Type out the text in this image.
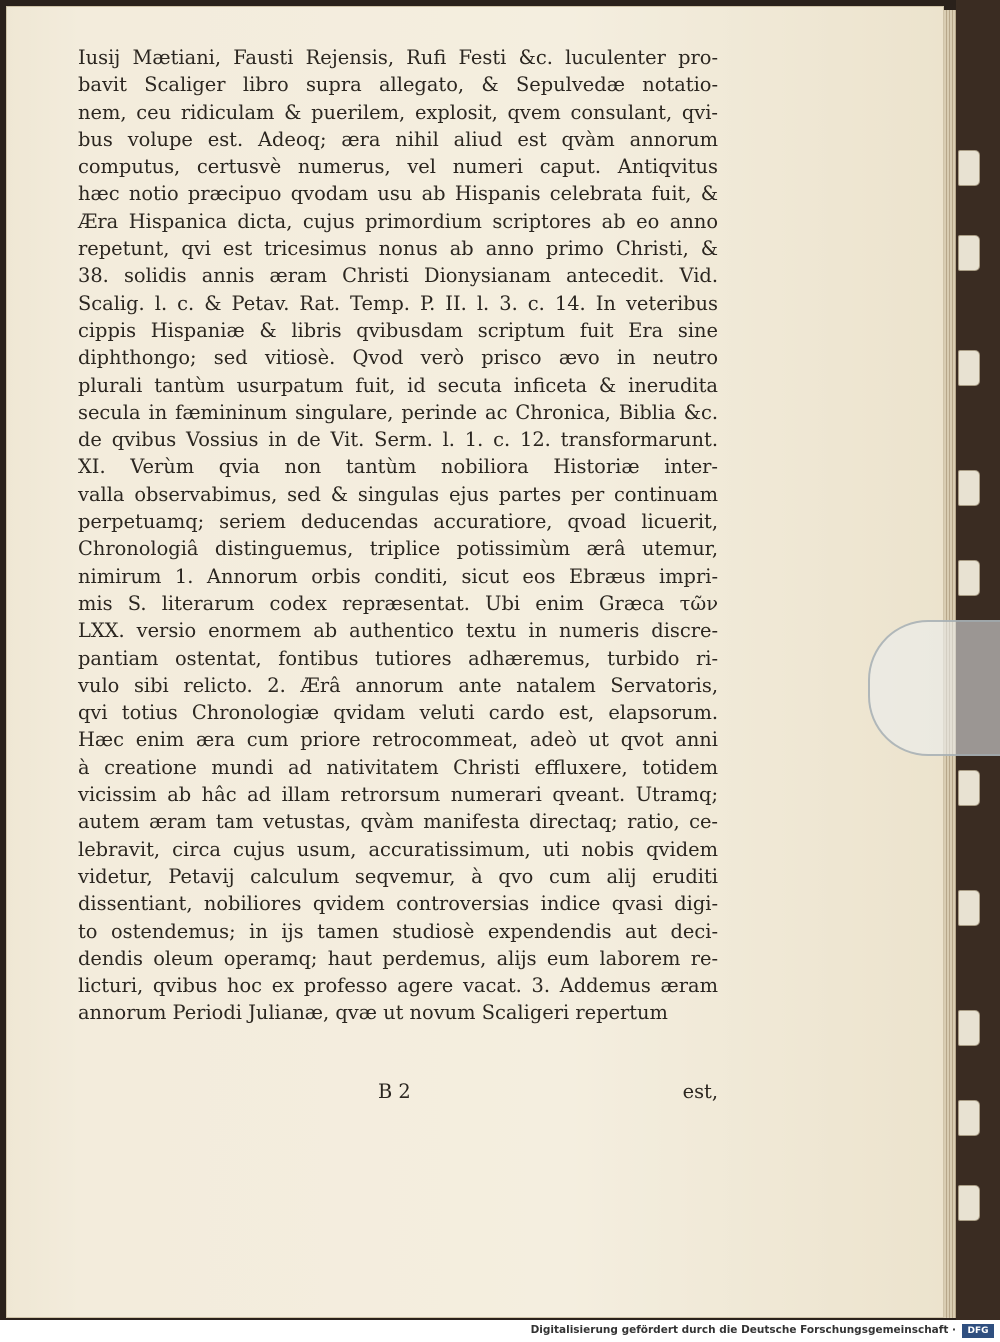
Iusij Mætiani, Fausti Rejensis, Rufi Festi &c. luculenter pro-
bavit Scaliger libro supra allegato, & Sepulvedæ notatio-
nem, ceu ridiculam & puerilem, explosit, qvem consulant, qvi-
bus volupe est. Adeoq; æra nihil aliud est qvàm annorum
computus, certusvè numerus, vel numeri caput. Antiqvitus
hæc notio præcipuo qvodam usu ab Hispanis celebrata fuit, &
Æra Hispanica dicta, cujus primordium scriptores ab eo anno
repetunt, qvi est tricesimus nonus ab anno primo Christi, &
38. solidis annis æram Christi Dionysianam antecedit. Vid.
Scalig. l. c. & Petav. Rat. Temp. P. II. l. 3. c. 14. In veteribus
cippis Hispaniæ & libris qvibusdam scriptum fuit Era sine
diphthongo; sed vitiosè. Qvod verò prisco ævo in neutro
plurali tantùm usurpatum fuit, id secuta inficeta & inerudita
secula in fæmininum singulare, perinde ac Chronica, Biblia &c.
de qvibus Vossius in de Vit. Serm. l. 1. c. 12. transformarunt.
XI. Verùm qvia non tantùm nobiliora Historiæ inter-
valla observabimus, sed & singulas ejus partes per continuam
perpetuamq; seriem deducendas accuratiore, qvoad licuerit,
Chronologiâ distinguemus, triplice potissimùm ærâ utemur,
nimirum 1. Annorum orbis conditi, sicut eos Ebræus impri-
mis S. literarum codex repræsentat. Ubi enim Græca τῶν
LXX. versio enormem ab authentico textu in numeris discre-
pantiam ostentat, fontibus tutiores adhæremus, turbido ri-
vulo sibi relicto. 2. Ærâ annorum ante natalem Servatoris,
qvi totius Chronologiæ qvidam veluti cardo est, elapsorum.
Hæc enim æra cum priore retrocommeat, adeò ut qvot anni
à creatione mundi ad nativitatem Christi effluxere, totidem
vicissim ab hâc ad illam retrorsum numerari qveant. Utramq;
autem æram tam vetustas, qvàm manifesta directaq; ratio, ce-
lebravit, circa cujus usum, accuratissimum, uti nobis qvidem
videtur, Petavij calculum seqvemur, à qvo cum alij eruditi
dissentiant, nobiliores qvidem controversias indice qvasi digi-
to ostendemus; in ijs tamen studiosè expendendis aut deci-
dendis oleum operamq; haut perdemus, alijs eum laborem re-
licturi, qvibus hoc ex professo agere vacat. 3. Addemus æram
annorum Periodi Julianæ, qvæ ut novum Scaligeri repertum
B 2	est,
Digitalisierung gefördert durch die Deutsche Forschungsgemeinschaft ·	DFG
